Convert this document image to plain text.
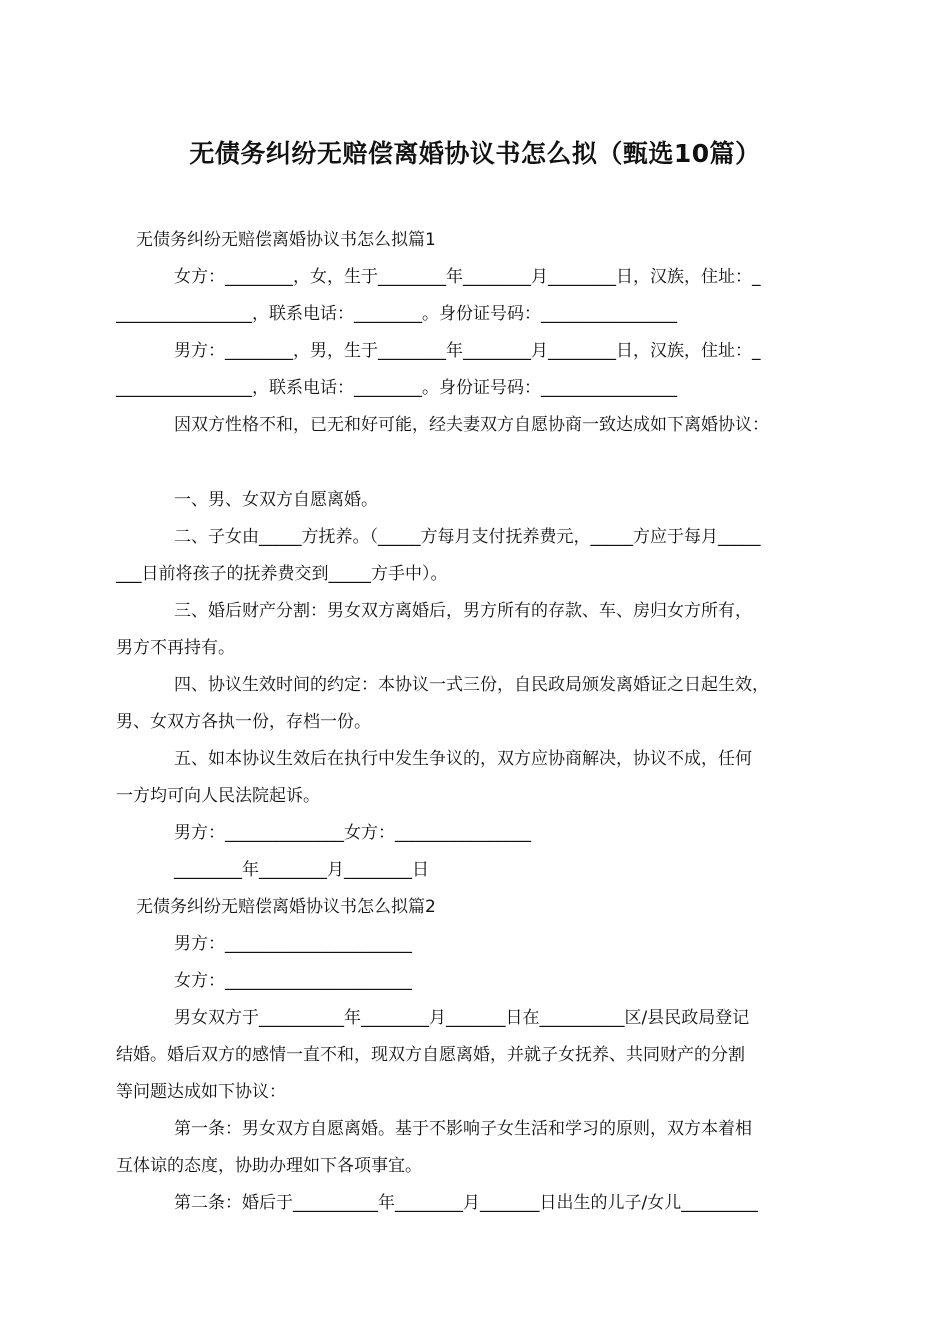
无债务纠纷无赔偿离婚协议书怎么拟（甄选10篇）
无债务纠纷无赔偿离婚协议书怎么拟篇1
女方：________，女，生于________年________月________日，汉族，住址：_
________________，联系电话：________。身份证号码：________________
男方：________，男，生于________年________月________日，汉族，住址：_
________________，联系电话：________。身份证号码：________________
因双方性格不和，已无和好可能，经夫妻双方自愿协商一致达成如下离婚协议：
一、男、女双方自愿离婚。
二、子女由_____方抚养。（_____方每月支付抚养费元，_____方应于每月_____
___日前将孩子的抚养费交到_____方手中）。
三、婚后财产分割：男女双方离婚后，男方所有的存款、车、房归女方所有，
男方不再持有。
四、协议生效时间的约定：本协议一式三份，自民政局颁发离婚证之日起生效，
男、女双方各执一份，存档一份。
五、如本协议生效后在执行中发生争议的，双方应协商解决，协议不成，任何
一方均可向人民法院起诉。
男方：______________女方：________________
________年________月________日
无债务纠纷无赔偿离婚协议书怎么拟篇2
男方：______________________
女方：______________________
男女双方于__________年________月_______日在__________区/县民政局登记
结婚。婚后双方的感情一直不和，现双方自愿离婚，并就子女抚养、共同财产的分割
等问题达成如下协议：
第一条：男女双方自愿离婚。基于不影响子女生活和学习的原则，双方本着相
互体谅的态度，协助办理如下各项事宜。
第二条：婚后于__________年________月_______日出生的儿子/女儿_________
